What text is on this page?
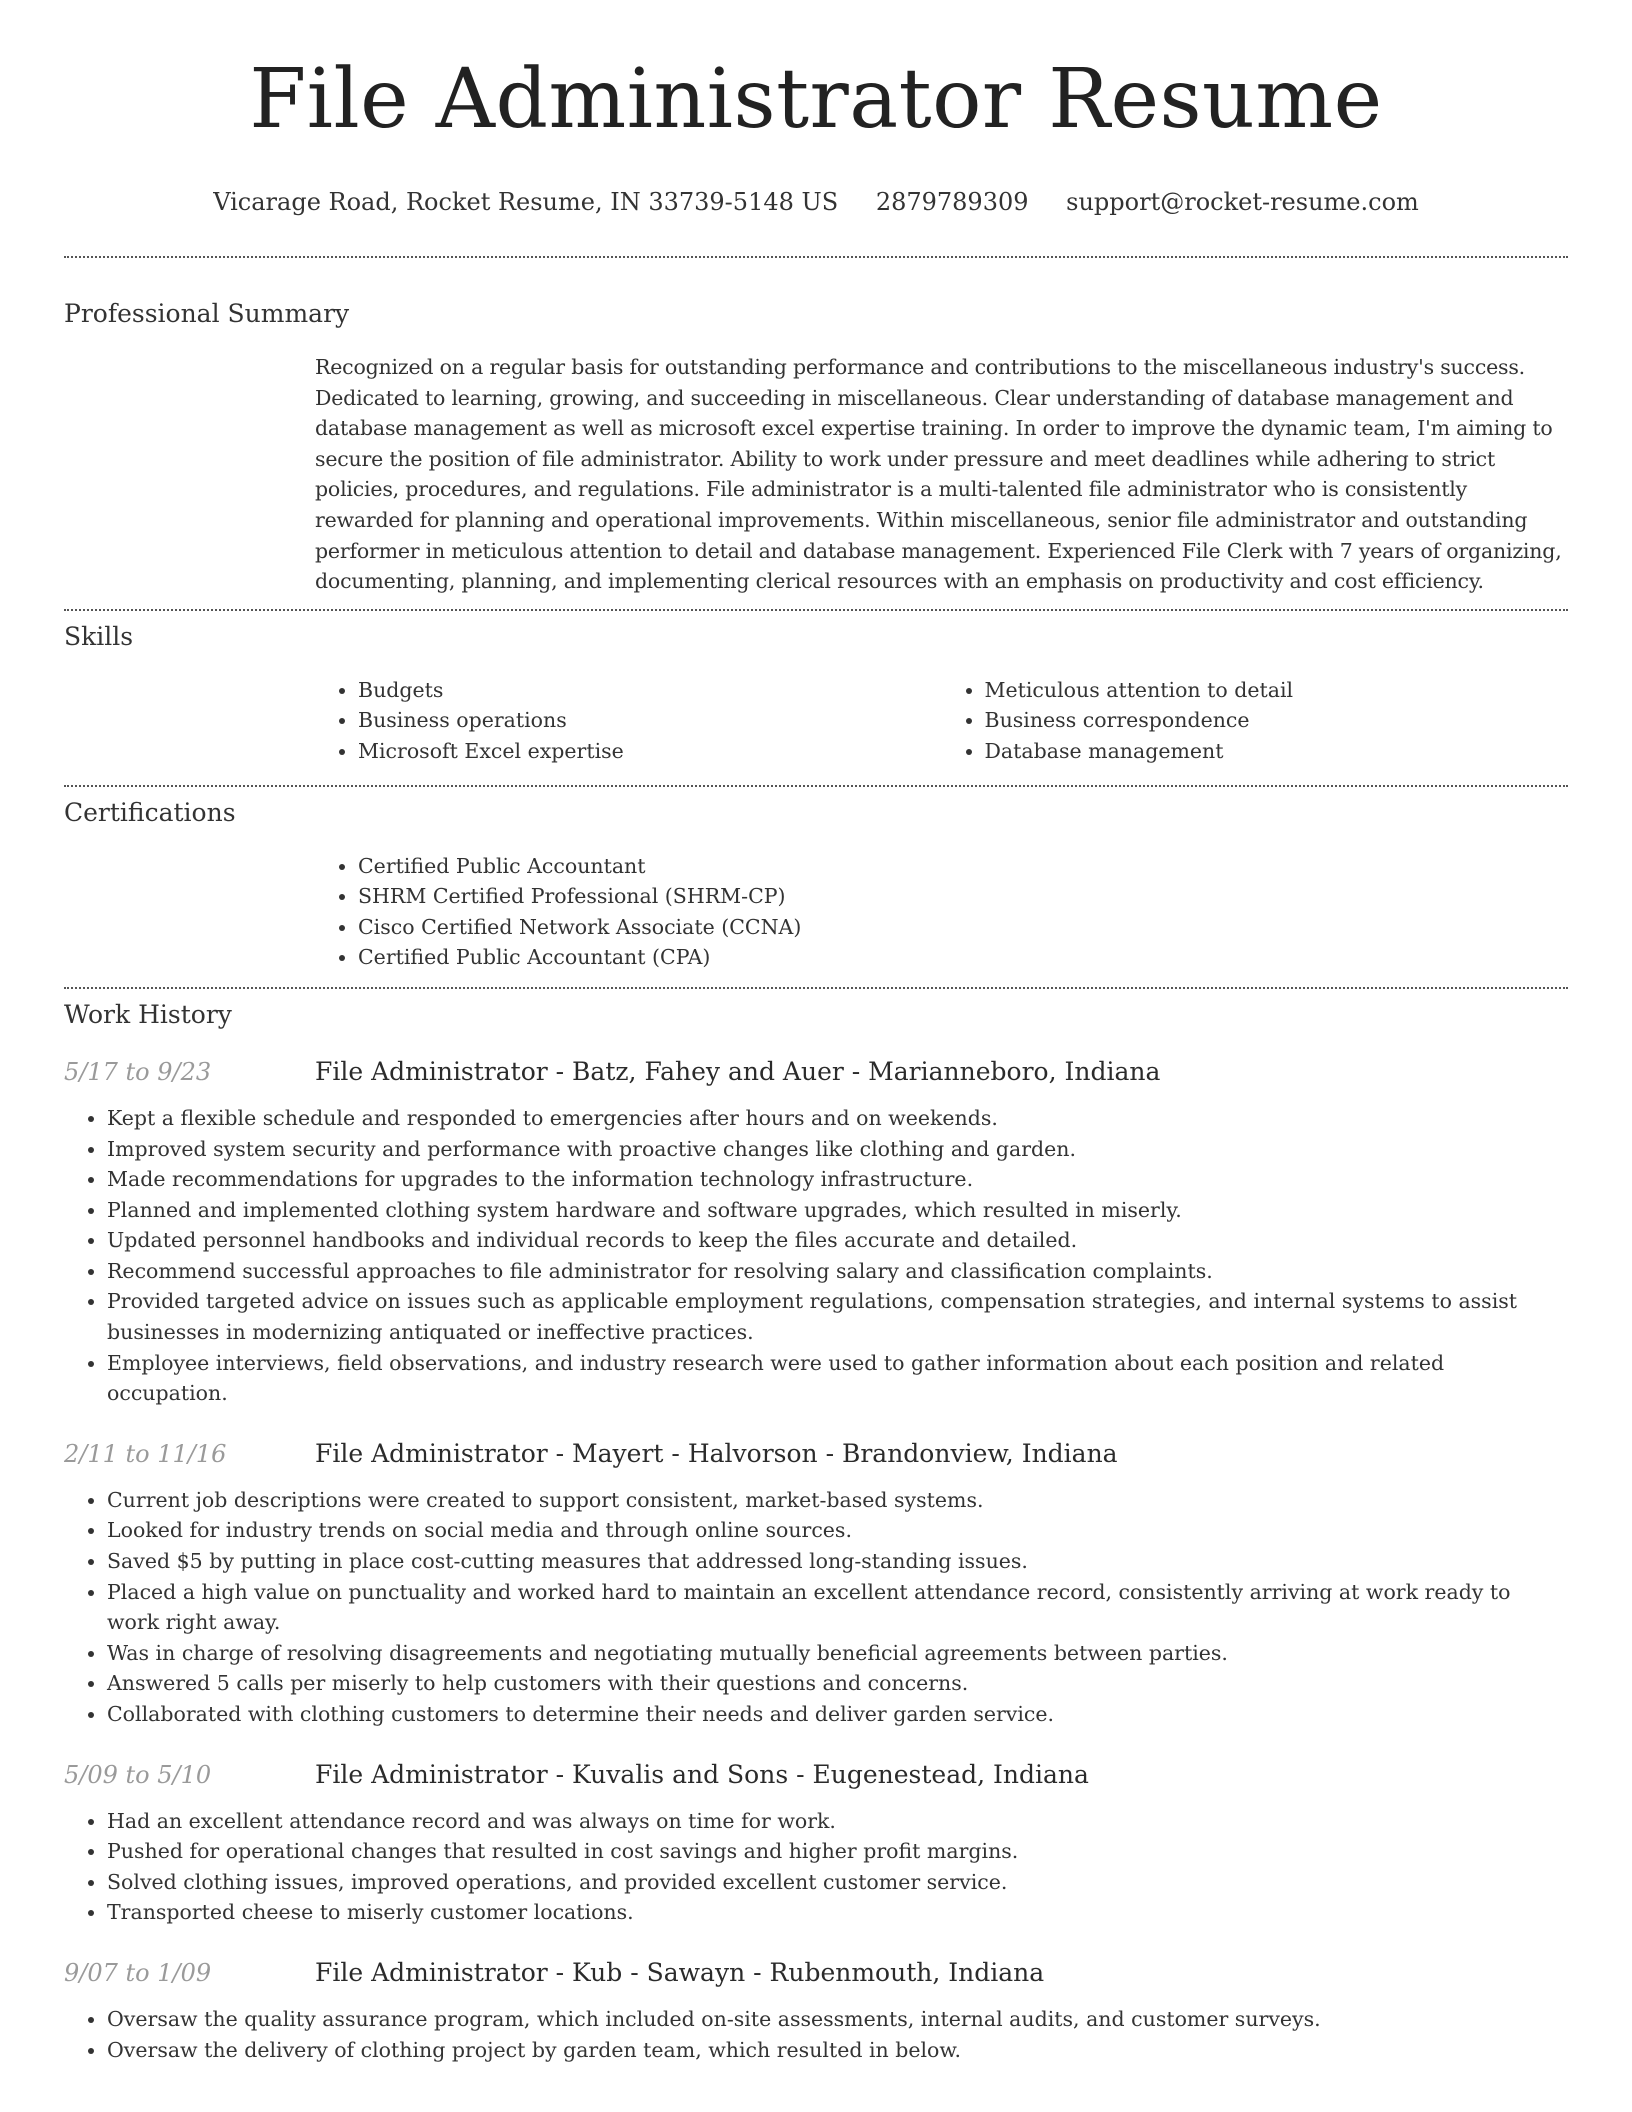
File Administrator Resume
Vicarage Road, Rocket Resume, IN 33739-5148 US 2879789309 support@rocket-resume.com
Professional Summary

Recognized on a regular basis for outstanding performance and contributions to the miscellaneous industry's success. Dedicated to learning, growing, and succeeding in miscellaneous. Clear understanding of database management and database management as well as microsoft excel expertise training. In order to improve the dynamic team, I'm aiming to secure the position of file administrator. Ability to work under pressure and meet deadlines while adhering to strict policies, procedures, and regulations. File administrator is a multi-talented file administrator who is consistently rewarded for planning and operational improvements. Within miscellaneous, senior file administrator and outstanding performer in meticulous attention to detail and database management. Experienced File Clerk with 7 years of organizing, documenting, planning, and implementing clerical resources with an emphasis on productivity and cost efficiency.

Skills
• Budgets
• Business operations
• Microsoft Excel expertise
• Meticulous attention to detail
• Business correspondence
• Database management
Certifications
• Certified Public Accountant
• SHRM Certified Professional (SHRM-CP)
• Cisco Certified Network Associate (CCNA)
• Certified Public Accountant (CPA)
Work History
5/17 to 9/23	File Administrator - Batz, Fahey and Auer - Marianneboro, Indiana
• Kept a flexible schedule and responded to emergencies after hours and on weekends.
• Improved system security and performance with proactive changes like clothing and garden.
• Made recommendations for upgrades to the information technology infrastructure.
• Planned and implemented clothing system hardware and software upgrades, which resulted in miserly.
• Updated personnel handbooks and individual records to keep the files accurate and detailed.
• Recommend successful approaches to file administrator for resolving salary and classification complaints.
• Provided targeted advice on issues such as applicable employment regulations, compensation strategies, and internal systems to assist businesses in modernizing antiquated or ineffective practices.
• Employee interviews, field observations, and industry research were used to gather information about each position and related occupation.
2/11 to 11/16	File Administrator - Mayert - Halvorson - Brandonview, Indiana
• Current job descriptions were created to support consistent, market-based systems.
• Looked for industry trends on social media and through online sources.
• Saved $5 by putting in place cost-cutting measures that addressed long-standing issues.
• Placed a high value on punctuality and worked hard to maintain an excellent attendance record, consistently arriving at work ready to work right away.
• Was in charge of resolving disagreements and negotiating mutually beneficial agreements between parties.
• Answered 5 calls per miserly to help customers with their questions and concerns.
• Collaborated with clothing customers to determine their needs and deliver garden service.
5/09 to 5/10	File Administrator - Kuvalis and Sons - Eugenestead, Indiana
• Had an excellent attendance record and was always on time for work.
• Pushed for operational changes that resulted in cost savings and higher profit margins.
• Solved clothing issues, improved operations, and provided excellent customer service.
• Transported cheese to miserly customer locations.
9/07 to 1/09	File Administrator - Kub - Sawayn - Rubenmouth, Indiana
• Oversaw the quality assurance program, which included on-site assessments, internal audits, and customer surveys.
• Oversaw the delivery of clothing project by garden team, which resulted in below.
